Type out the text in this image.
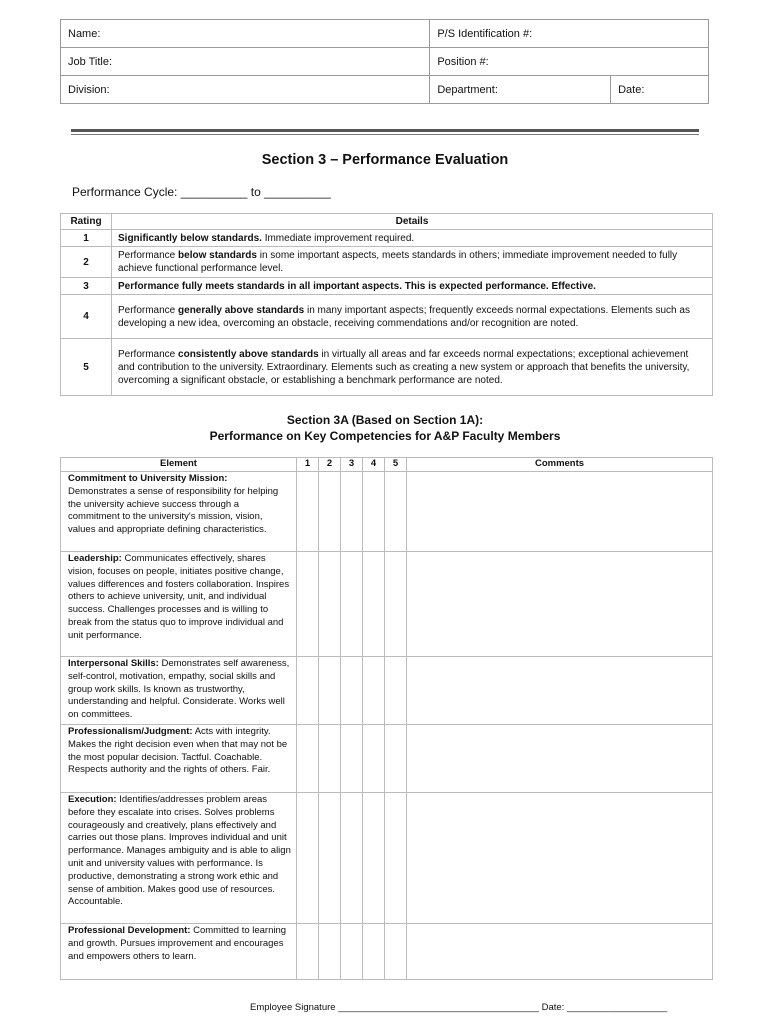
Name:	P/S Identification #:	
Job Title:	Position #:	
Division:	Department:	Date:
Section 3 – Performance Evaluation
Performance Cycle: __________ to __________
Rating	Details
1	Significantly below standards. Immediate improvement required.
2	Performance below standards in some important aspects, meets standards in others; immediate improvement needed to fully achieve functional performance level.
3	Performance fully meets standards in all important aspects. This is expected performance. Effective.
4	Performance generally above standards in many important aspects; frequently exceeds normal expectations. Elements such as developing a new idea, overcoming an obstacle, receiving commendations and/or recognition are noted.
5	Performance consistently above standards in virtually all areas and far exceeds normal expectations; exceptional achievement and contribution to the university. Extraordinary. Elements such as creating a new system or approach that benefits the university, overcoming a significant obstacle, or establishing a benchmark performance are noted.
Section 3A (Based on Section 1A):
Performance on Key Competencies for A&P Faculty Members
Element	1	2	3	4	5	Comments
Commitment to University Mission:
Demonstrates a sense of responsibility for helping the university achieve success through a commitment to the university's mission, vision, values and appropriate defining characteristics.						
Leadership: Communicates effectively, shares vision, focuses on people, initiates positive change, values differences and fosters collaboration. Inspires others to achieve university, unit, and individual success. Challenges processes and is willing to break from the status quo to improve individual and unit performance.						
Interpersonal Skills: Demonstrates self awareness, self-control, motivation, empathy, social skills and group work skills. Is known as trustworthy, understanding and helpful. Considerate. Works well on committees.						
Professionalism/Judgment: Acts with integrity. Makes the right decision even when that may not be the most popular decision. Tactful. Coachable. Respects authority and the rights of others. Fair.						
Execution: Identifies/addresses problem areas before they escalate into crises. Solves problems courageously and creatively, plans effectively and carries out those plans. Improves individual and unit performance. Manages ambiguity and is able to align unit and university values with performance. Is productive, demonstrating a strong work ethic and sense of ambition. Makes good use of resources. Accountable.						
Professional Development: Committed to learning and growth. Pursues improvement and encourages and empowers others to learn.						
Employee Signature ______________________________________ Date: ___________________
